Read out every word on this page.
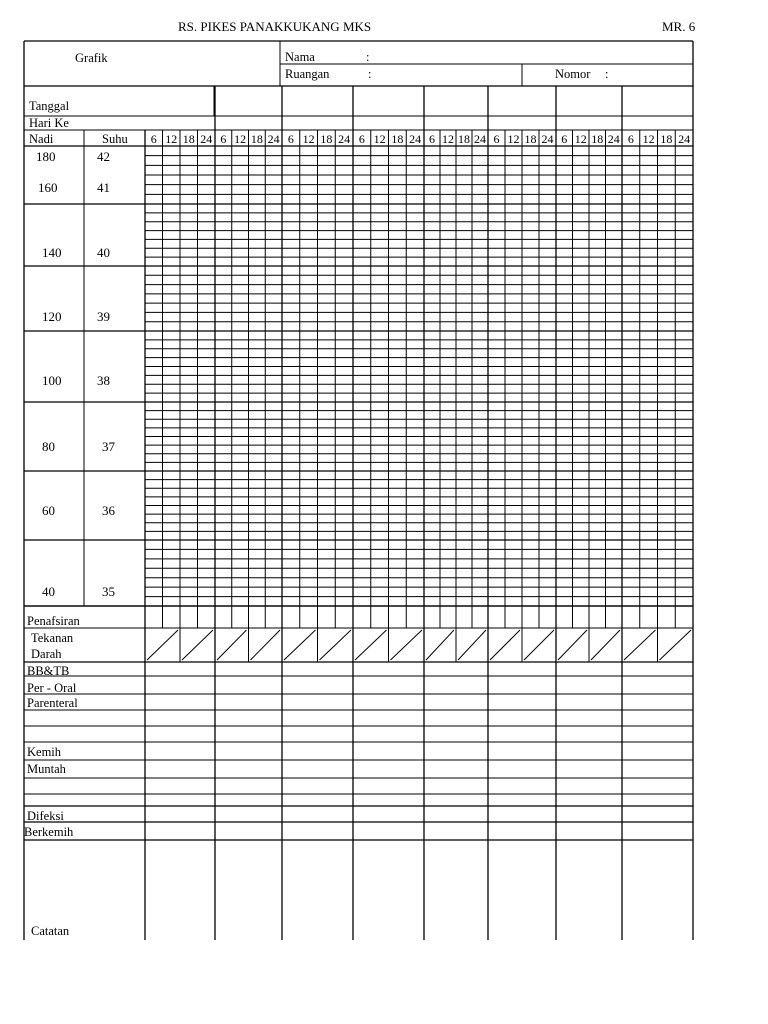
RS. PIKES PANAKKUKANG MKS	MR. 6
Grafik	Nama	:
Ruangan	:	Nomor :
Tanggal
Hari Ke
Nadi	Suhu	6 12 18 24 6 12 18 24 6 12 18 24 6 12 18 24 6 12 18 24 6 12 18 24 6 12 18 24 6 12 18 24
180	42
160	41
140	40
120	39
100	38
80	37
60	36
40	35
Penafsiran
Tekanan
Darah
BB&TB
Per - Oral
Parenteral
Kemih
Muntah
Difeksi
Berkemih
Catatan
